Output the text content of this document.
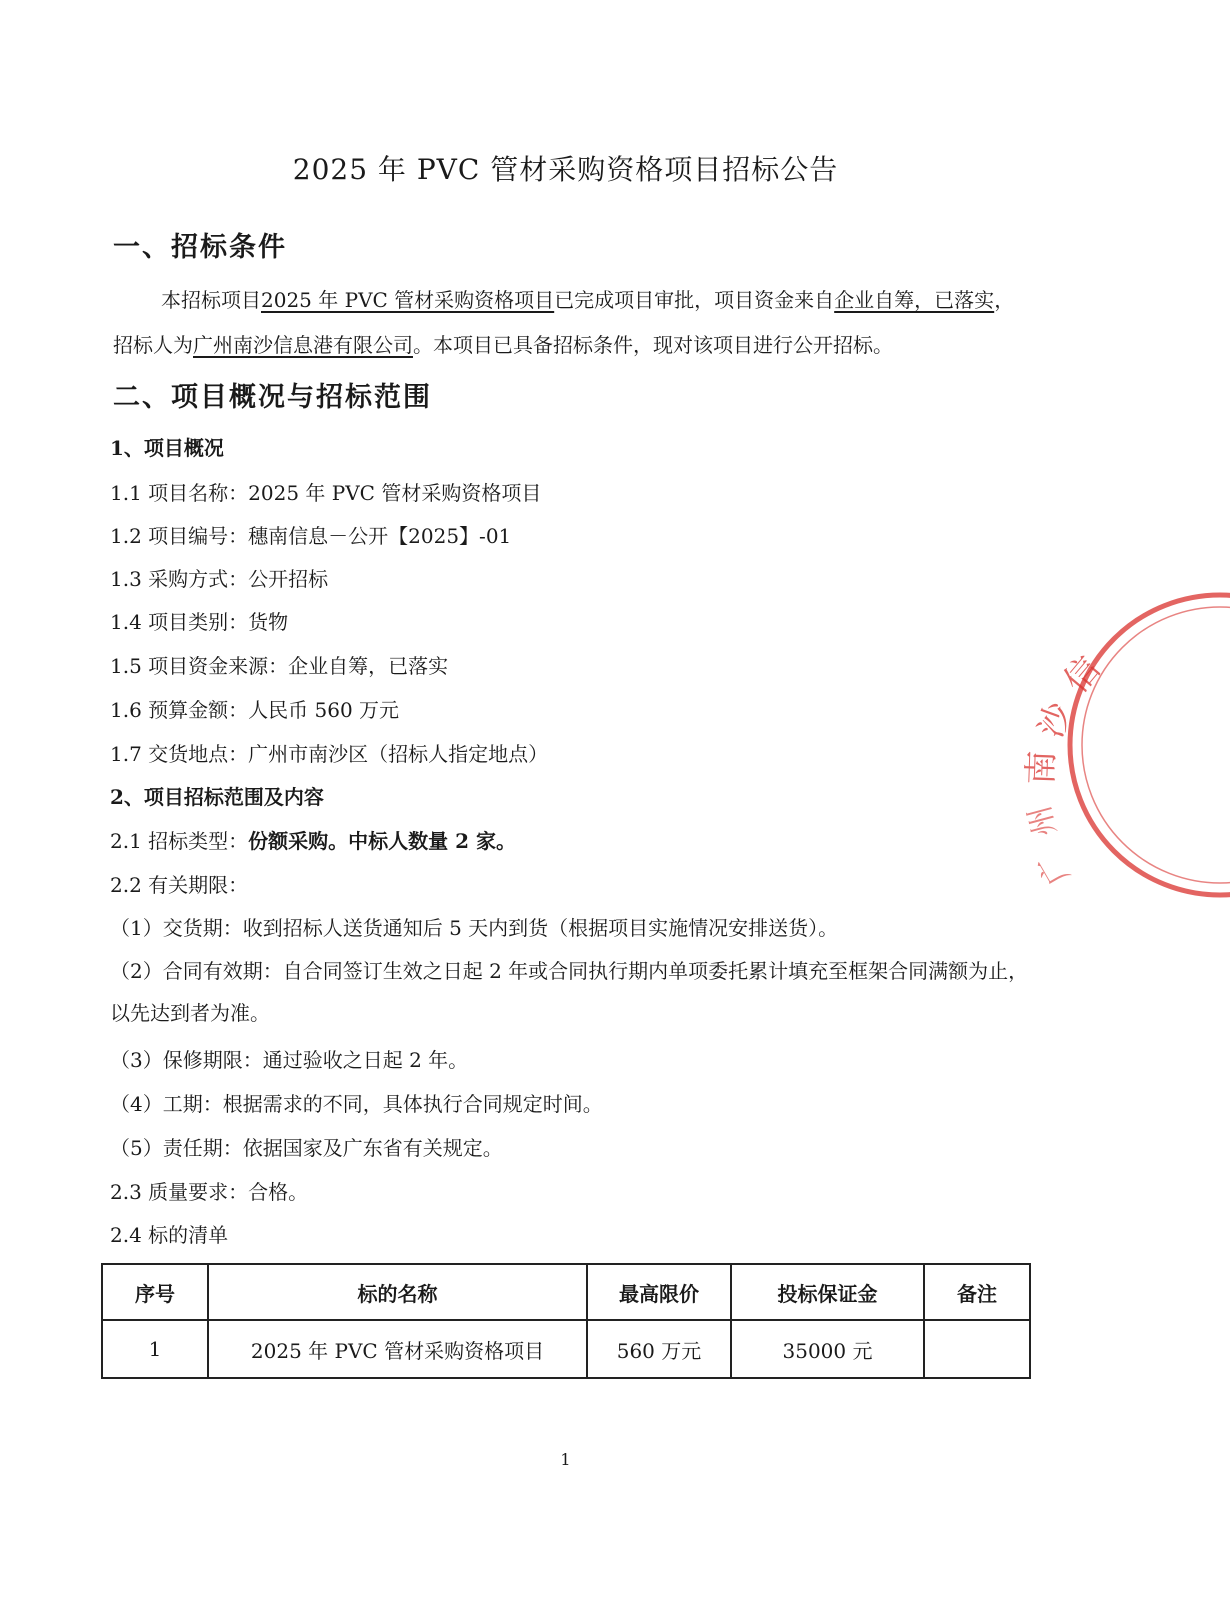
2025 年 PVC 管材采购资格项目招标公告
一、招标条件
本招标项目2025 年 PVC 管材采购资格项目已完成项目审批，项目资金来自企业自筹，已落实，招标人为广州南沙信息港有限公司。本项目已具备招标条件，现对该项目进行公开招标。
二、项目概况与招标范围
1、项目概况
1.1 项目名称：2025 年 PVC 管材采购资格项目
1.2 项目编号：穗南信息－公开【2025】-01
1.3 采购方式：公开招标
1.4 项目类别：货物
1.5 项目资金来源：企业自筹，已落实
1.6 预算金额：人民币 560 万元
1.7 交货地点：广州市南沙区（招标人指定地点）
2、项目招标范围及内容
2.1 招标类型：份额采购。中标人数量 2 家。
2.2 有关期限：
（1）交货期：收到招标人送货通知后 5 天内到货（根据项目实施情况安排送货）。
（2）合同有效期：自合同签订生效之日起 2 年或合同执行期内单项委托累计填充至框架合同满额为止，以先达到者为准。
（3）保修期限：通过验收之日起 2 年。
（4）工期：根据需求的不同，具体执行合同规定时间。
（5）责任期：依据国家及广东省有关规定。
2.3 质量要求：合格。
2.4 标的清单
序号	标的名称	最高限价	投标保证金	备注
1	2025 年 PVC 管材采购资格项目	560 万元	35000 元	
1
信
沙
南
州
广
